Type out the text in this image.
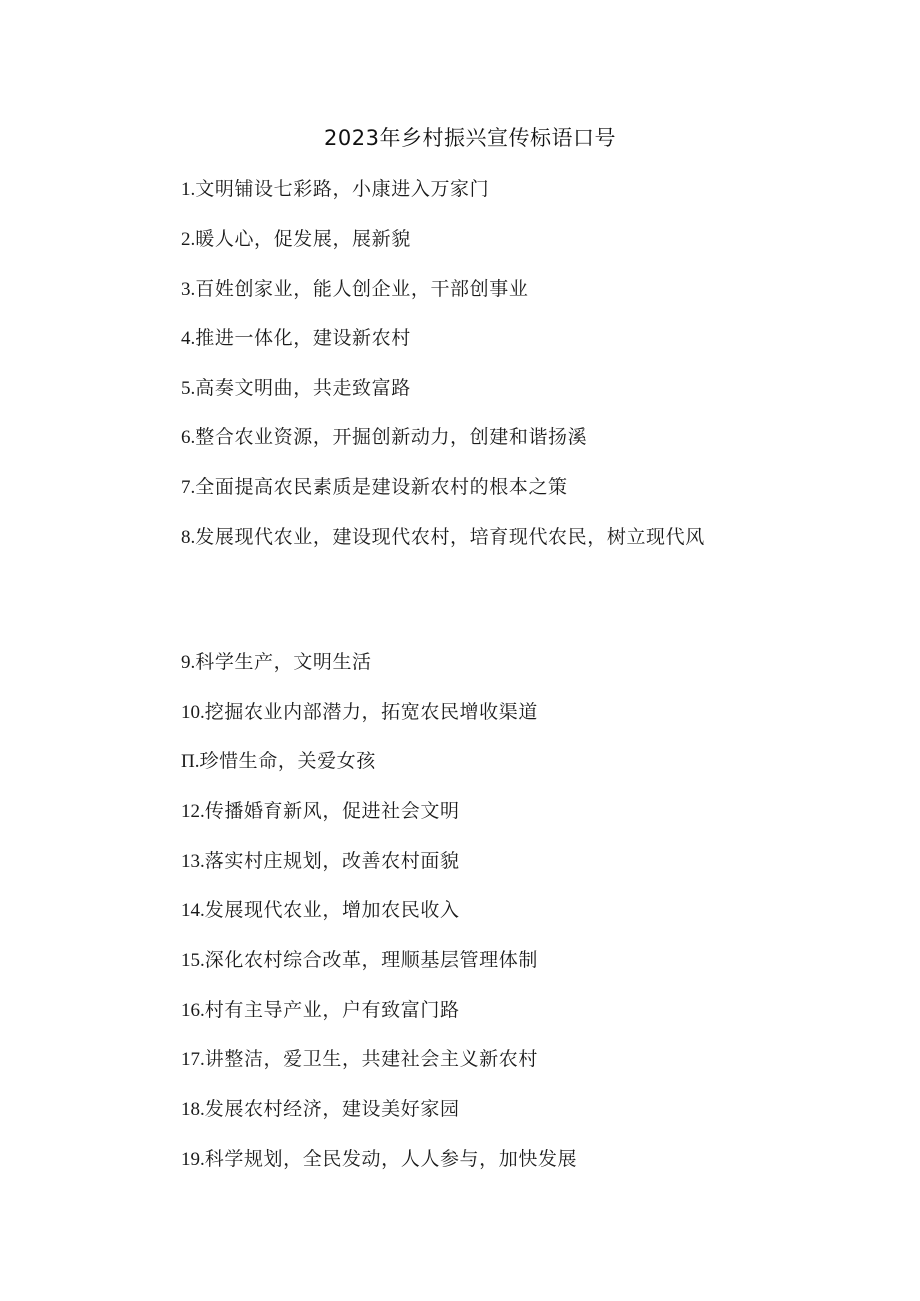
2023年乡村振兴宣传标语口号
1.文明铺设七彩路，小康进入万家门
2.暖人心，促发展，展新貌
3.百姓创家业，能人创企业，干部创事业
4.推进一体化，建设新农村
5.高奏文明曲，共走致富路
6.整合农业资源，开掘创新动力，创建和谐扬溪
7.全面提高农民素质是建设新农村的根本之策
8.发展现代农业，建设现代农村，培育现代农民，树立现代风
9.科学生产，文明生活
10.挖掘农业内部潜力，拓宽农民增收渠道
Π.珍惜生命，关爱女孩
12.传播婚育新风，促进社会文明
13.落实村庄规划，改善农村面貌
14.发展现代农业，增加农民收入
15.深化农村综合改革，理顺基层管理体制
16.村有主导产业，户有致富门路
17.讲整洁，爱卫生，共建社会主义新农村
18.发展农村经济，建设美好家园
19.科学规划，全民发动，人人参与，加快发展
